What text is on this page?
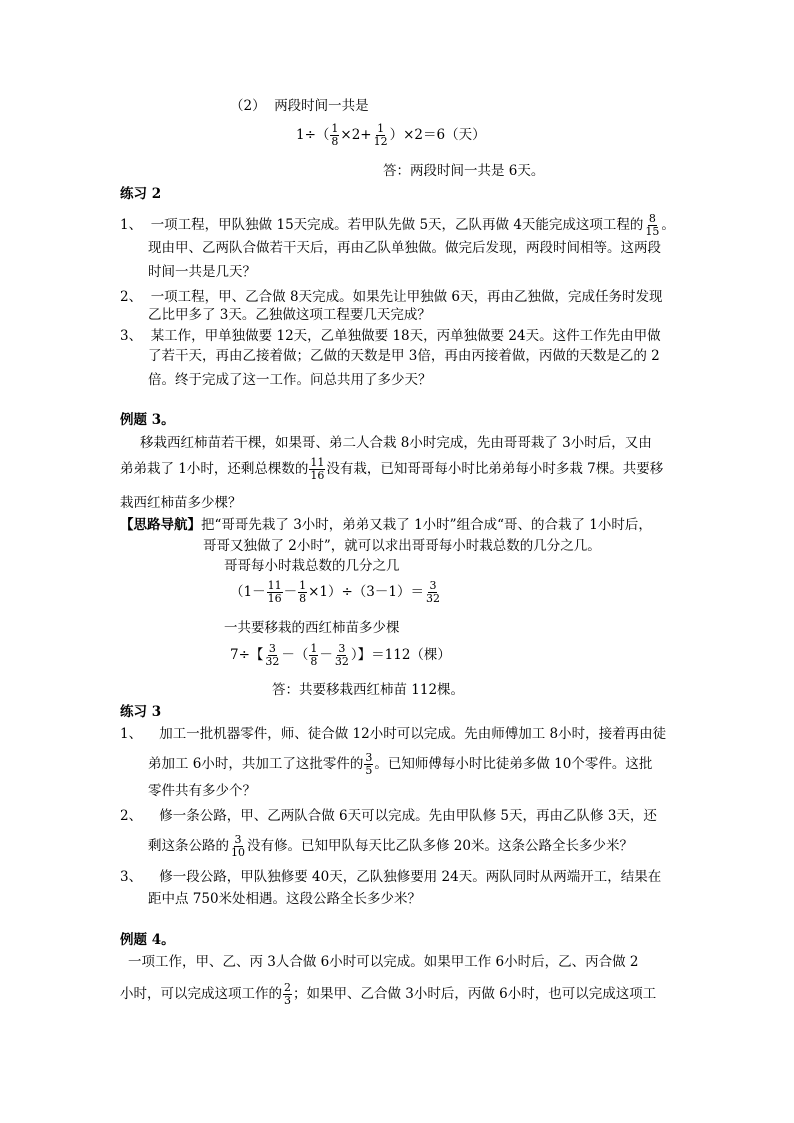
（2） 两段时间一共是
$1\div( \frac{1}{8} \times 2+ \frac{1}{12} )\times 2=6$（天）
答：两段时间一共是 6天。
练习 2
1、 一项工程，甲队独做 15天完成。若甲队先做 5天，乙队再做 4天能完成这项工程的 $\frac{8}{15}$ 。
现由甲、乙两队合做若干天后，再由乙队单独做。做完后发现，两段时间相等。这两段
时间一共是几天？
2、 一项工程，甲、乙合做 8天完成。如果先让甲独做 6天，再由乙独做，完成任务时发现
乙比甲多了 3天。乙独做这项工程要几天完成？
3、 某工作，甲单独做要 12天，乙单独做要 18天，丙单独做要 24天。这件工作先由甲做
了若干天，再由乙接着做；乙做的天数是甲 3倍，再由丙接着做，丙做的天数是乙的 2
倍。终于完成了这一工作。问总共用了多少天？
例题 3。
移栽西红柿苗若干棵，如果哥、弟二人合栽 8小时完成，先由哥哥栽了 3小时后，又由
弟弟栽了 1小时，还剩总棵数的 $\frac{11}{16}$ 没有栽，已知哥哥每小时比弟弟每小时多栽 7棵。共要移
栽西红柿苗多少棵？
【思路导航】把“哥哥先栽了 3小时，弟弟又栽了 1小时”组合成“哥、的合栽了 1小时后，
哥哥又独做了 2小时”，就可以求出哥哥每小时栽总数的几分之几。
哥哥每小时栽总数的几分之几
$(1- \frac{11}{16} - \frac{1}{8} \times 1)\div(3-1)= \frac{3}{32}$
一共要移栽的西红柿苗多少棵
7÷【 $\frac{3}{32}$ －（ $\frac{1}{8} - \frac{3}{32}$ ）】＝112（棵）
答：共要移栽西红柿苗 112棵。
练习 3
1、 加工一批机器零件，师、徒合做 12小时可以完成。先由师傅加工 8小时，接着再由徒
弟加工 6小时，共加工了这批零件的 $\frac{3}{5}$ 。已知师傅每小时比徒弟多做 10个零件。这批
零件共有多少个？
2、 修一条公路，甲、乙两队合做 6天可以完成。先由甲队修 5天，再由乙队修 3天，还
剩这条公路的 $\frac{3}{10}$ 没有修。已知甲队每天比乙队多修 20米。这条公路全长多少米？
3、 修一段公路，甲队独修要 40天，乙队独修要用 24天。两队同时从两端开工，结果在
距中点 750米处相遇。这段公路全长多少米？
例题 4。
一项工作，甲、乙、丙 3人合做 6小时可以完成。如果甲工作 6小时后，乙、丙合做 2
小时，可以完成这项工作的 $\frac{2}{3}$ ；如果甲、乙合做 3小时后，丙做 6小时，也可以完成这项工
